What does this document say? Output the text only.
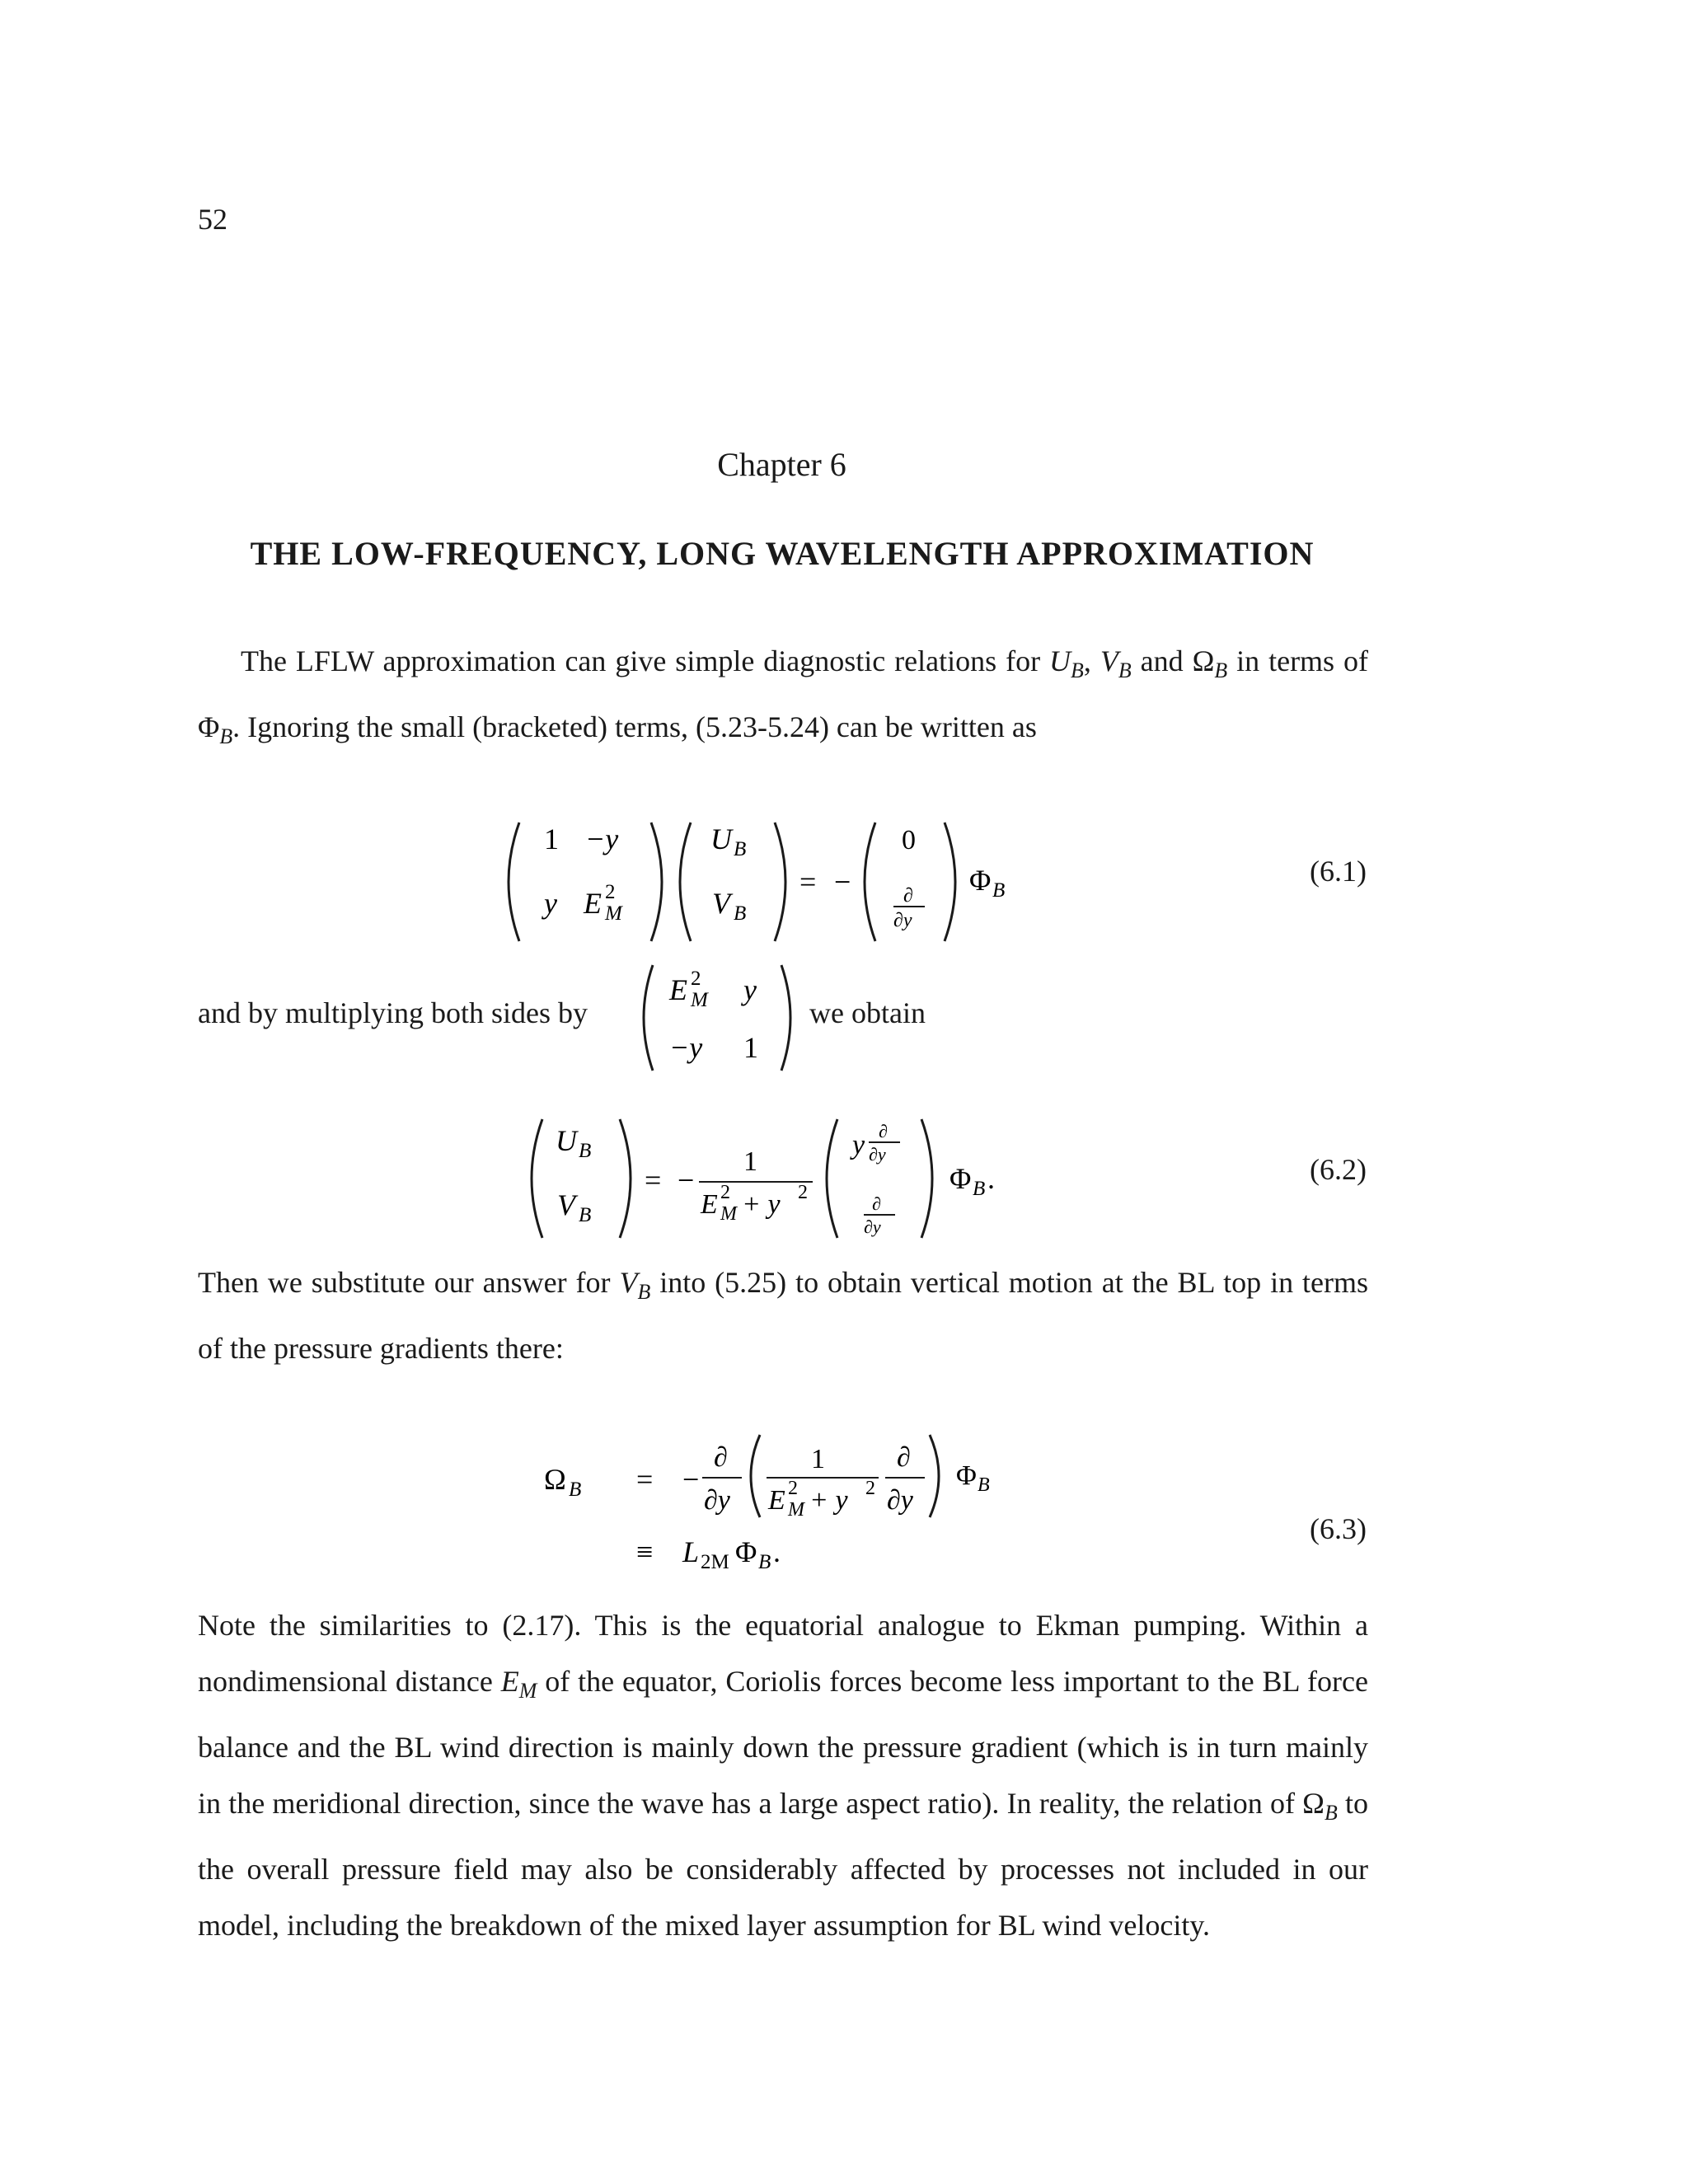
52
Chapter 6
THE LOW-FREQUENCY, LONG WAVELENGTH APPROXIMATION
The LFLW approximation can give simple diagnostic relations for $U_B$, $V_B$ and $\Omega_B$ in terms of $\Phi_B$. Ignoring the small (bracketed) terms, (5.23-5.24) can be written as
1 −y
y E 2
M
U B
V B
= −
0
∂
∂y
Φ B
(6.1)
and by multiplying both sides by
E 2
M y
−y 1
we obtain
U B
V B
= −
1
E 2
M + y 2
y ∂
∂y
∂
∂y
Φ B .	(6.2)
Then we substitute our answer for $V_B$ into (5.25) to obtain vertical motion at the BL top in terms of the pressure gradients there:
Ω B = −
∂
∂y
1
E 2
M + y 2
∂
∂y
Φ B
≡ L 2M Φ B .
(6.3)
Note the similarities to (2.17). This is the equatorial analogue to Ekman pumping. Within a nondimensional distance $E_M$ of the equator, Coriolis forces become less important to the BL force balance and the BL wind direction is mainly down the pressure gradient (which is in turn mainly in the meridional direction, since the wave has a large aspect ratio). In reality, the relation of $\Omega_B$ to the overall pressure field may also be considerably affected by processes not included in our model, including the breakdown of the mixed layer assumption for BL wind velocity.
